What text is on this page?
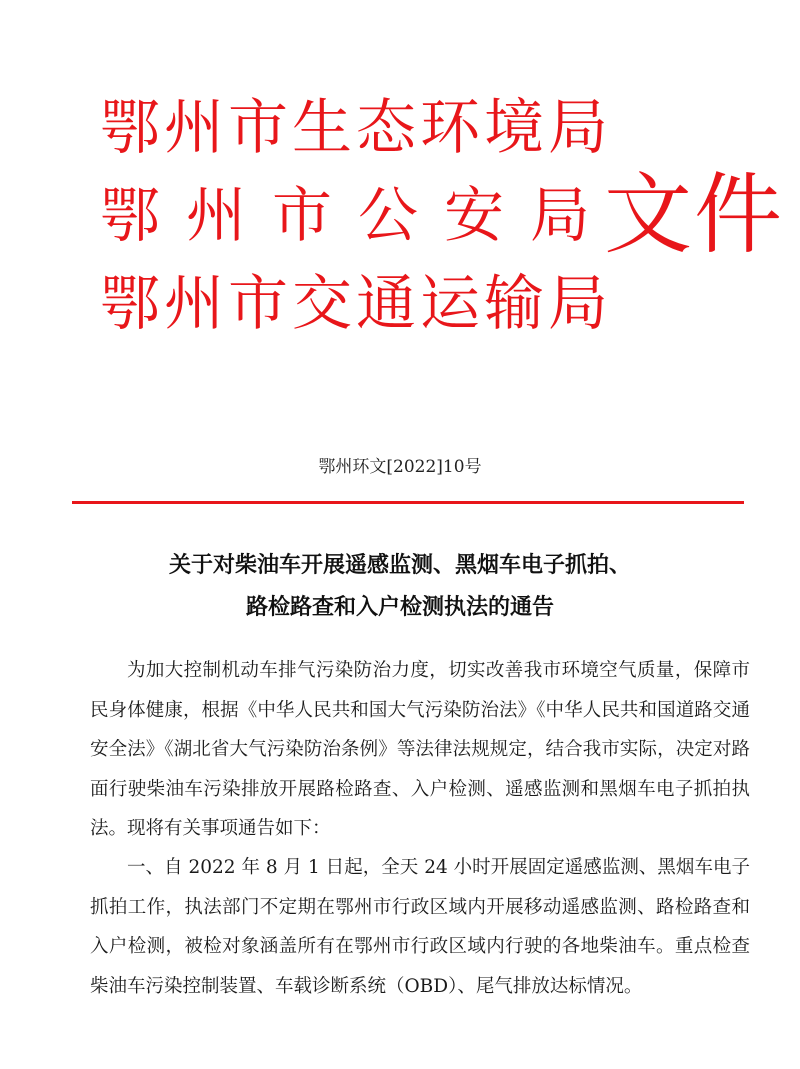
鄂州市生态环境局
鄂州市公安局
鄂州市交通运输局
文件
鄂州环文[2022]10号
关于对柴油车开展遥感监测、黑烟车电子抓拍、
路检路查和入户检测执法的通告

为加大控制机动车排气污染防治力度，切实改善我市环境空气质量，保障市民身体健康，根据《中华人民共和国大气污染防治法》《中华人民共和国道路交通安全法》《湖北省大气污染防治条例》等法律法规规定，结合我市实际，决定对路面行驶柴油车污染排放开展路检路查、入户检测、遥感监测和黑烟车电子抓拍执法。现将有关事项通告如下：

一、自 2022 年 8 月 1 日起，全天 24 小时开展固定遥感监测、黑烟车电子抓拍工作，执法部门不定期在鄂州市行政区域内开展移动遥感监测、路检路查和入户检测，被检对象涵盖所有在鄂州市行政区域内行驶的各地柴油车。重点检查柴油车污染控制装置、车载诊断系统（OBD）、尾气排放达标情况。
